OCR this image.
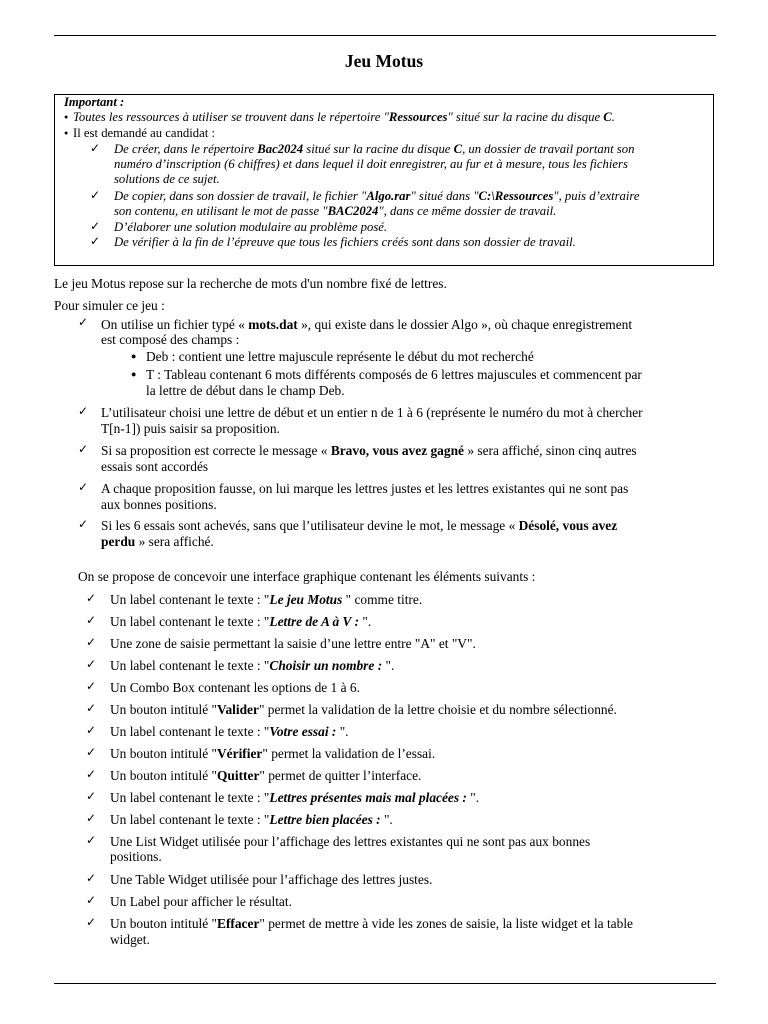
Jeu Motus
Important :
● Toutes les ressources à utiliser se trouvent dans le répertoire "Ressources" situé sur la racine du disque C.
● Il est demandé au candidat :
✓ De créer, dans le répertoire Bac2024 situé sur la racine du disque C, un dossier de travail portant son
numéro d’inscription (6 chiffres) et dans lequel il doit enregistrer, au fur et à mesure, tous les fichiers
solutions de ce sujet.
✓ De copier, dans son dossier de travail, le fichier "Algo.rar" situé dans "C:\Ressources", puis d’extraire
son contenu, en utilisant le mot de passe "BAC2024", dans ce même dossier de travail.
✓ D’élaborer une solution modulaire au problème posé.
✓ De vérifier à la fin de l’épreuve que tous les fichiers créés sont dans son dossier de travail.
Le jeu Motus repose sur la recherche de mots d'un nombre fixé de lettres.
Pour simuler ce jeu :
✓ On utilise un fichier typé « mots.dat », qui existe dans le dossier Algo », où chaque enregistrement
est composé des champs :
● Deb : contient une lettre majuscule représente le début du mot recherché
● T : Tableau contenant 6 mots différents composés de 6 lettres majuscules et commencent par
la lettre de début dans le champ Deb.
✓ L’utilisateur choisi une lettre de début et un entier n de 1 à 6 (représente le numéro du mot à chercher
T[n-1]) puis saisir sa proposition.
✓ Si sa proposition est correcte le message « Bravo, vous avez gagné » sera affiché, sinon cinq autres
essais sont accordés
✓ A chaque proposition fausse, on lui marque les lettres justes et les lettres existantes qui ne sont pas
aux bonnes positions.
✓ Si les 6 essais sont achevés, sans que l’utilisateur devine le mot, le message « Désolé, vous avez
perdu » sera affiché.
On se propose de concevoir une interface graphique contenant les éléments suivants :
✓ Un label contenant le texte : "Le jeu Motus " comme titre.
✓ Un label contenant le texte : "Lettre de A à V : ".
✓ Une zone de saisie permettant la saisie d’une lettre entre "A" et "V".
✓ Un label contenant le texte : "Choisir un nombre : ".
✓ Un Combo Box contenant les options de 1 à 6.
✓ Un bouton intitulé "Valider" permet la validation de la lettre choisie et du nombre sélectionné.
✓ Un label contenant le texte : "Votre essai : ".
✓ Un bouton intitulé "Vérifier" permet la validation de l’essai.
✓ Un bouton intitulé "Quitter" permet de quitter l’interface.
✓ Un label contenant le texte : "Lettres présentes mais mal placées : ".
✓ Un label contenant le texte : "Lettre bien placées : ".
✓ Une List Widget utilisée pour l’affichage des lettres existantes qui ne sont pas aux bonnes
positions.
✓ Une Table Widget utilisée pour l’affichage des lettres justes.
✓ Un Label pour afficher le résultat.
✓ Un bouton intitulé "Effacer" permet de mettre à vide les zones de saisie, la liste widget et la table
widget.
